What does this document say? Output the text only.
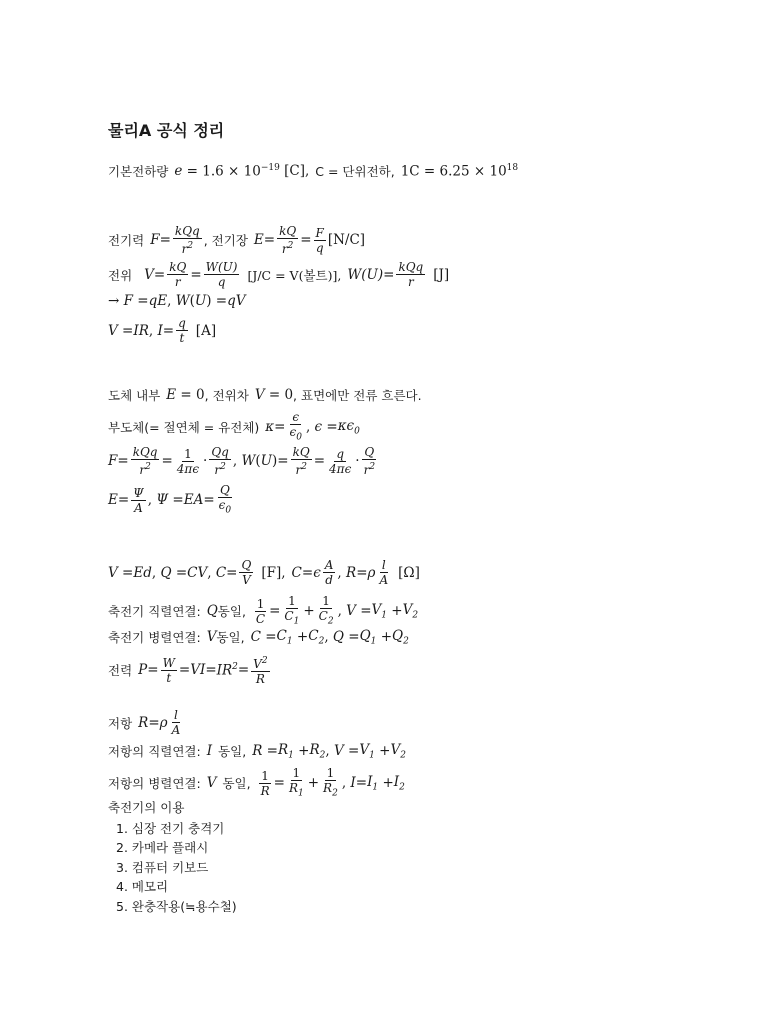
물리A 공식 정리
기본전하량 $e = 1.6 \times 10^{-19}$ [C], C = 단위전하, $1C = 6.25 \times 10^{18}$
전기력 $F = \frac{\text{kQq}}{r^2}$ , 전기장 $E = \frac{kQ}{r^2} = \frac{F}{q} [N/C]$
전위 $V = \frac{kQ}{r} = \frac{W(U)}{q} [J/C = V$(볼트)], $W(U) = \frac{\text{kQq}}{r} [J]$
→ F = qE , W ( U ) = qV
V = IR , $I = \frac{q}{t} [A]$
도체 내부 E = 0 , 전위차 V = 0 , 표면에만 전류 흐른다.
부도체(= 절연체 = 유전체) $\kappa = \frac{\epsilon}{\epsilon_0}$ , $\epsilon = \kappa\epsilon_0$
$F = \frac{\text{kQq}}{r^2} = \frac{1}{4\pi\epsilon} \cdot \frac{Qq}{r^2}$ , W ( U )= $\frac{kQ}{r^2} = \frac{q}{4\pi\epsilon} \cdot \frac{Q}{r^2}$
$E = \frac{\Psi}{A}$ , Ψ = EA = $\frac{Q}{\epsilon_0}$
V = Ed , Q = CV , $C = \frac{Q}{V} [F]$, C = ϵ $\frac{A}{d}$ , R = ρ $\frac{l}{A} [\Omega]$
축전기 직렬연결: Q 동일, $\frac{1}{C} = \frac{1}{C_1} + \frac{1}{C_2}$ , $V = V_1 + V_2$
축전기 병렬연결: V 동일, $C = C_1 + C_2$ , $Q = Q_1 + Q_2$
전력 $P = \frac{W}{t}$ = VI = $IR^2 = \frac{V^2}{R}$
저항 R = ρ $\frac{l}{A}$
저항의 직렬연결: I 동일, $R = R_1 + R_2$ , $V = V_1 + V_2$
저항의 병렬연결: V 동일, $\frac{1}{R} = \frac{1}{R_1} + \frac{1}{R_2}$ , $I = I_1 + I_2$
축전기의 이용
1. 심장 전기 충격기
2. 카메라 플래시
3. 컴퓨터 키보드
4. 메모리
5. 완충작용(≒용수철)
